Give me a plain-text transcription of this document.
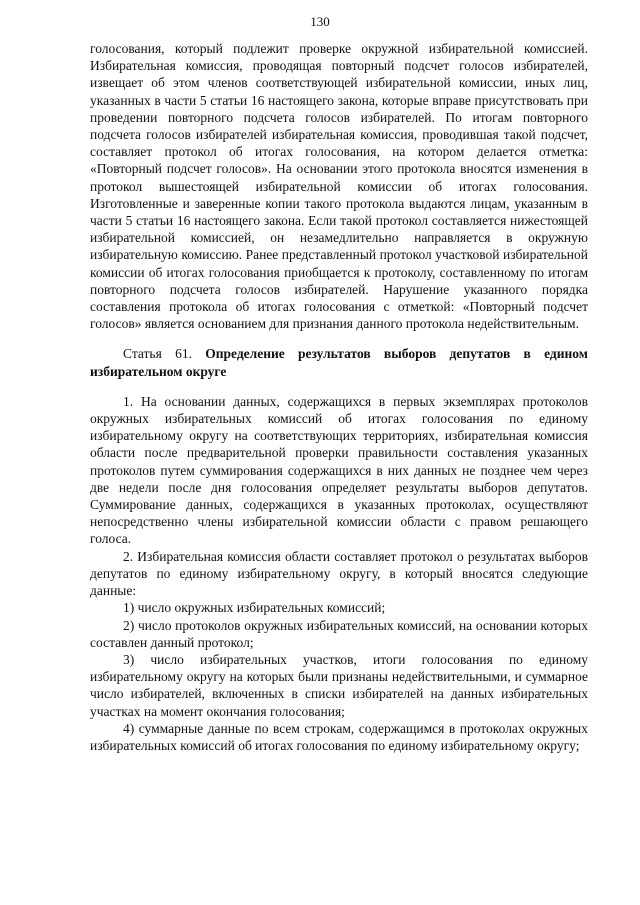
130

голосования, который подлежит проверке окружной избирательной комиссией. Избирательная комиссия, проводящая повторный подсчет голосов избирателей, извещает об этом членов соответствующей избирательной комиссии, иных лиц, указанных в части 5 статьи 16 настоящего закона, которые вправе присутствовать при проведении повторного подсчета голосов избирателей. По итогам повторного подсчета голосов избирателей избирательная комиссия, проводившая такой подсчет, составляет протокол об итогах голосования, на котором делается отметка: «Повторный подсчет голосов». На основании этого протокола вносятся изменения в протокол вышестоящей избирательной комиссии об итогах голосования. Изготовленные и заверенные копии такого протокола выдаются лицам, указанным в части 5 статьи 16 настоящего закона. Если такой протокол составляется нижестоящей избирательной комиссией, он незамедлительно направляется в окружную избирательную комиссию. Ранее представленный протокол участковой избирательной комиссии об итогах голосования приобщается к протоколу, составленному по итогам повторного подсчета голосов избирателей. Нарушение указанного порядка составления протокола об итогах голосования с отметкой: «Повторный подсчет голосов» является основанием для признания данного протокола недействительным.

Статья 61. Определение результатов выборов депутатов в едином избирательном округе

1. На основании данных, содержащихся в первых экземплярах протоколов окружных избирательных комиссий об итогах голосования по единому избирательному округу на соответствующих территориях, избирательная комиссия области после предварительной проверки правильности составления указанных протоколов путем суммирования содержащихся в них данных не позднее чем через две недели после дня голосования определяет результаты выборов депутатов. Суммирование данных, содержащихся в указанных протоколах, осуществляют непосредственно члены избирательной комиссии области с правом решающего голоса.

2. Избирательная комиссия области составляет протокол о результатах выборов депутатов по единому избирательному округу, в который вносятся следующие данные:

1) число окружных избирательных комиссий;

2) число протоколов окружных избирательных комиссий, на основании которых составлен данный протокол;

3) число избирательных участков, итоги голосования по единому избирательному округу на которых были признаны недействительными, и суммарное число избирателей, включенных в списки избирателей на данных избирательных участках на момент окончания голосования;

4) суммарные данные по всем строкам, содержащимся в протоколах окружных избирательных комиссий об итогах голосования по единому избирательному округу;
